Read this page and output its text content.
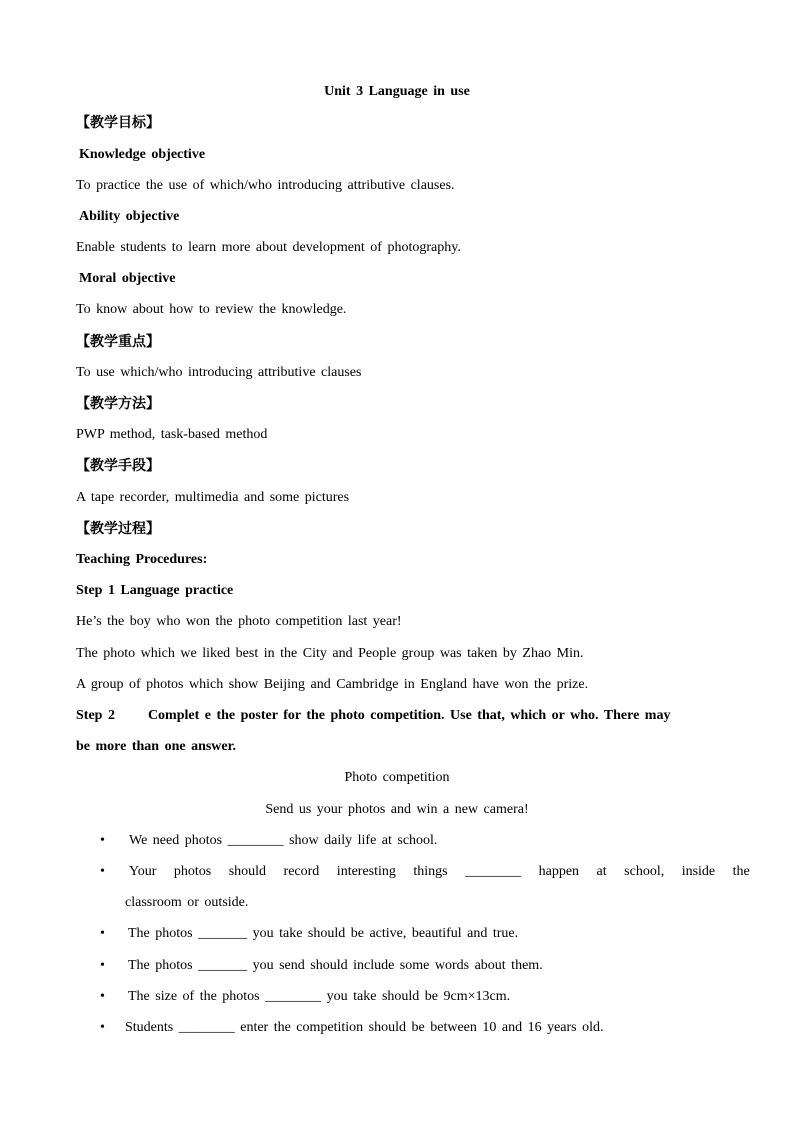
Unit 3 Language in use
【教学目标】
Knowledge objective
To practice the use of which/who introducing attributive clauses.
Ability objective
Enable students to learn more about development of photography.
Moral objective
To know about how to review the knowledge.
【教学重点】
To use which/who introducing attributive clauses
【教学方法】
PWP method, task-based method
【教学手段】
A tape recorder, multimedia and some pictures
【教学过程】
Teaching Procedures:
Step 1 Language practice
He’s the boy who won the photo competition last year!
The photo which we liked best in the City and People group was taken by Zhao Min.
A group of photos which show Beijing and Cambridge in England have won the prize.
Step 2      Complet e the poster for the photo competition. Use that, which or who. There may
be more than one answer.
Photo competition
Send us your photos and win a new camera!
• We need photos ________ show daily life at school.
• Your photos should record interesting things ________ happen at school, inside the
classroom or outside.
• The photos _______ you take should be active, beautiful and true.
• The photos _______ you send should include some words about them.
• The size of the photos ________ you take should be 9cm×13cm.
• Students ________ enter the competition should be between 10 and 16 years old.
